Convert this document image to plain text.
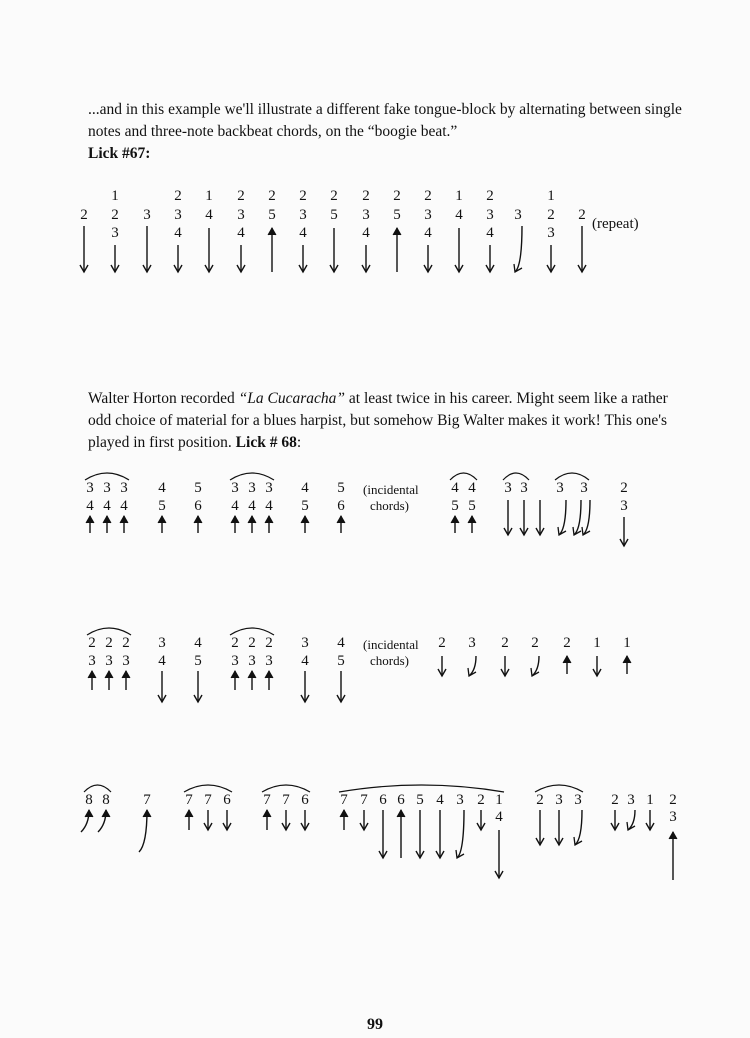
...and in this example we'll illustrate a different fake tongue-block by alternating between single notes and three-note backbeat chords, on the “boogie beat.”
Lick #67:

Walter Horton recorded “La Cucaracha” at least twice in his career. Might seem like a rather odd choice of material for a blues harpist, but somehow Big Walter makes it work! This one's played in first position. Lick # 68:

2
1
2
3
3
2
3
4
1
4
2
3
4
2
5
2
3
4
2
5
2
3
4
2
5
2
3
4
1
4
2
3
4
3
1
2
3
2
(repeat)
3
4
3
4
3
4
4
5
5
6
3
4
3
4
3
4
4
5
5
6
4
5
4
5
3 3 3 3 2
3
2
3
2
3
2
3
3
4
4
5
2
3
2
3
2
3
3
4
4
5
2 3 2 2 2 1 1
8 8 7 7 7 6 7 7 6 7 7 6 6 5 4 3 2 1
4
2 3 3 2 3 1 2
3
(incidental
chords)
(incidental
chords)
99
